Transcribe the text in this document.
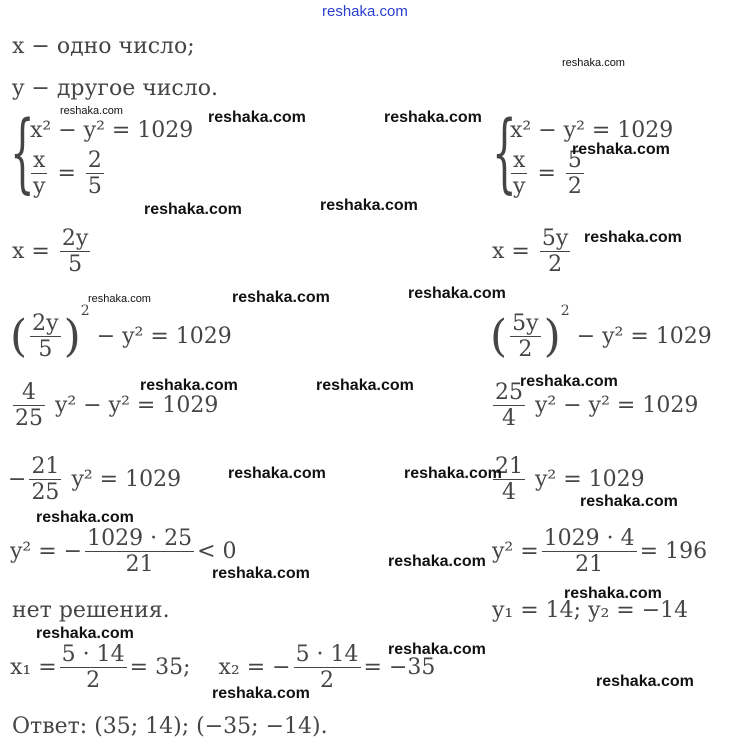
reshaka.com
x − одно число;
y − другое число.
{
x² − y² = 1029
$\frac{x}{y} = \frac{2}{5}$	{
x² − y² = 1029
$\frac{x}{y} = \frac{5}{2}$
$x = \frac{2y}{5}$	$x = \frac{5y}{2}$
( $\frac{2y}{5} )^2 - y^2 = 1029$	( $\frac{5y}{2} )^2 - y^2 = 1029$
$\frac{4}{25} y^2 - y^2 = 1029$	$\frac{25}{4} y^2 - y^2 = 1029$
− $\frac{21}{25} y^2 = 1029$	$\frac{21}{4} y^2 = 1029$
y² = − $\frac{1029 \cdot 25}{21} < 0$	$y^2 = \frac{1029 \cdot 4}{21} = 196$
нет решения.	y₁ = 14; y₂ = −14
$x_1 = \frac{5 \cdot 14}{2} = 35$; x₂ = − $\frac{5 \cdot 14}{2} = -35$
Ответ: (35; 14); (−35; −14).
reshaka.com
reshaka.com
reshaka.com
reshaka.com	reshaka.com
reshaka.com
reshaka.com	reshaka.com
reshaka.com
reshaka.com	reshaka.com
reshaka.com	reshaka.com	reshaka.com
reshaka.com	reshaka.com
reshaka.com
reshaka.com
reshaka.com
reshaka.com
reshaka.com
reshaka.com
reshaka.com
reshaka.com
reshaka.com
